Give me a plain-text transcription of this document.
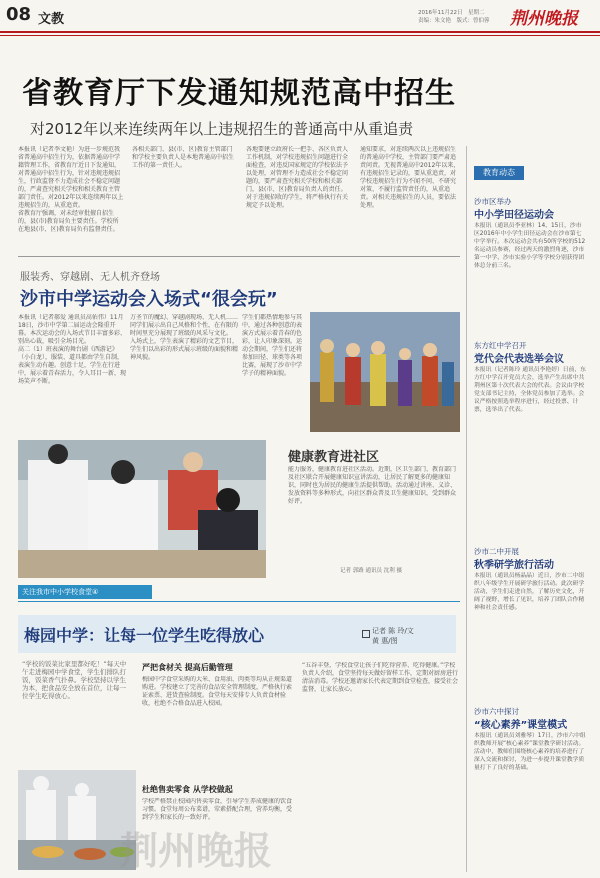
08 文教	2016年11月22日　星期二
责编：朱文艳　版式：曾伯蓉 荆州晚报
省教育厅下发通知规范高中招生
对2012年以来连续两年以上违规招生的普通高中从重追责
本报讯（记者李文艳）为进一步规范我省普通高中招生行为，依据普通高中学籍管理工作，省教育厅近日下发通知，对普通高中招生行为，针对违规违规招生，行政监督不力造成社会不稳定问题的，严肃查究相关学校和相关教育主管部门责任。对2012年以来连续两年以上违规招生的，从重追责。
省教育厅强调，对未经审批擅自招生的，县(市)教育局负主要责任。学校所在地县(市、区)教育局负有监督责任。
各相关部门、县(市、区)教育主管部门和学校主要负责人是本地普通高中招生工作的第一责任人。
各地要建立政府长一把手、各区负责人工作机制，对学校违规招生问题进行全面检查，对违反国家规定的学校依法予以处理，对管理不力造成社会不稳定问题的，要严肃查究相关学校和相关部门，县(市、区)教育局负责人的责任。对于违规招收的学生，将严格执行有关规定予以处理。
通知要求，对连续两次以上违规招生的普通高中学校，主管部门要严肃追责问责。无视普通高中2012年以来，有违规招生记录的，要从重追责，对学校违规招生行为不闻不问、不研究对策、不履行监管责任的，从重追责。对相关违规招生的人员，要依法处理。
服装秀、穿越剧、无人机齐登场
沙市中学运动会入场式“很会玩”
本报讯（记者郝爱 通讯员高佑伟）11月18日，沙市中学第二届运动会隆重开幕。本次运动会的入场式节目丰富多彩、别出心裁，吸引全场目光。
高二（1）班表演的舞台剧《西游记》（小白龙），服装、道具都由学生自制，表演生动有趣。创意十足，学生在行进中，展示着青春活力，令人耳目一新，现场笑声不断。
万圣节的魔幻、穿越剧现场、无人机……同学们展示出自己风格和个性，在有限的时间里充分展现了班级的风采与文化。
入场式上，学生表演了精彩的文艺节目，学生们以出彩的形式展示班级的面貌和精神风貌。
学生们都热情地参与其中，通过各种创意的表演方式展示着青春的色彩，让人印象深刻。运动会期间，学生们还将参加田径、球类等各项比赛，展现了沙市中学学子的精神面貌。
健康教育进社区
能力服务，健康教育进社区活动。近期，区卫生部门、教育部门及社区联合开展健康知识宣讲活动，让居民了解更多的健康知识，同时也为居民的健康生活提供帮助。活动通过讲座、义诊、发放资料等多种形式，向社区群众普及卫生健康知识，受到群众好评。
记者 郭路 通讯员 沈利 摄
关注我市中小学校食堂④
梅园中学：让每一位学生吃得放心	记者 陈 玲/文
黄 惠/图
“学校的饭菜比家里都好吃！”每天中午走进梅园中学食堂，学生们排队打饭，饭菜香气扑鼻。学校坚持以学生为本，把食品安全放在首位，让每一位学生吃得放心。
严把食材关 提高后勤管理
梅园中学食堂采购的大米、食用油、肉类等均从正规渠道购进。学校建立了完善的食品安全管理制度，严格执行索证索票、进货查验制度。食堂每天安排专人负责食材验收，杜绝不合格食品进入校园。
杜绝售卖零食 从学校做起
学校严格禁止校园内售卖零食，引导学生养成健康的饮食习惯。食堂每周公布菜谱，荤素搭配合理，营养均衡，受到学生和家长的一致好评。
“五谷丰登，学校食堂让孩子们吃得营养、吃得健康。”学校负责人介绍，食堂坚持每天做好留样工作，定期对厨房进行清洁消毒。学校还邀请家长代表定期到食堂检查，接受社会监督，让家长放心。
教育动态
沙市区举办
中小学田径运动会
本报讯（通讯员李亚林）14、15日，沙市区2016年中小学生田径运动会在沙市第七中学举行。本次运动会共有50所学校的512名运动员参赛，经过两天的激烈角逐，沙市第一中学、沙市实验小学等学校分别获得团体总分前三名。
东方红中学召开
党代会代表选举会议
本报讯（记者陈玲 通讯员李艳婷）日前，东方红中学召开党员大会，选举产生出席中共荆州区第十次代表大会的代表。会议由学校党支部书记主持，全体党员参加了选举。会议严格按照选举程序进行，经过投票、计票，选举出了代表。
沙市二中开展
秋季研学旅行活动
本报讯（通讯员杨晶晶）近日，沙市二中组织八年级学生开展研学旅行活动。此次研学活动，学生们走进自然，了解历史文化，开阔了视野，增长了见识，培养了团队合作精神和社会责任感。
沙市六中探讨
“核心素养”课堂模式
本报讯（通讯员刘雅琴）17日，沙市六中组织教师开展“核心素养”课堂教学研讨活动。活动中，教师们围绕核心素养的培养进行了深入交流和探讨，为进一步提升课堂教学质量打下了良好的基础。
荆州晚报
